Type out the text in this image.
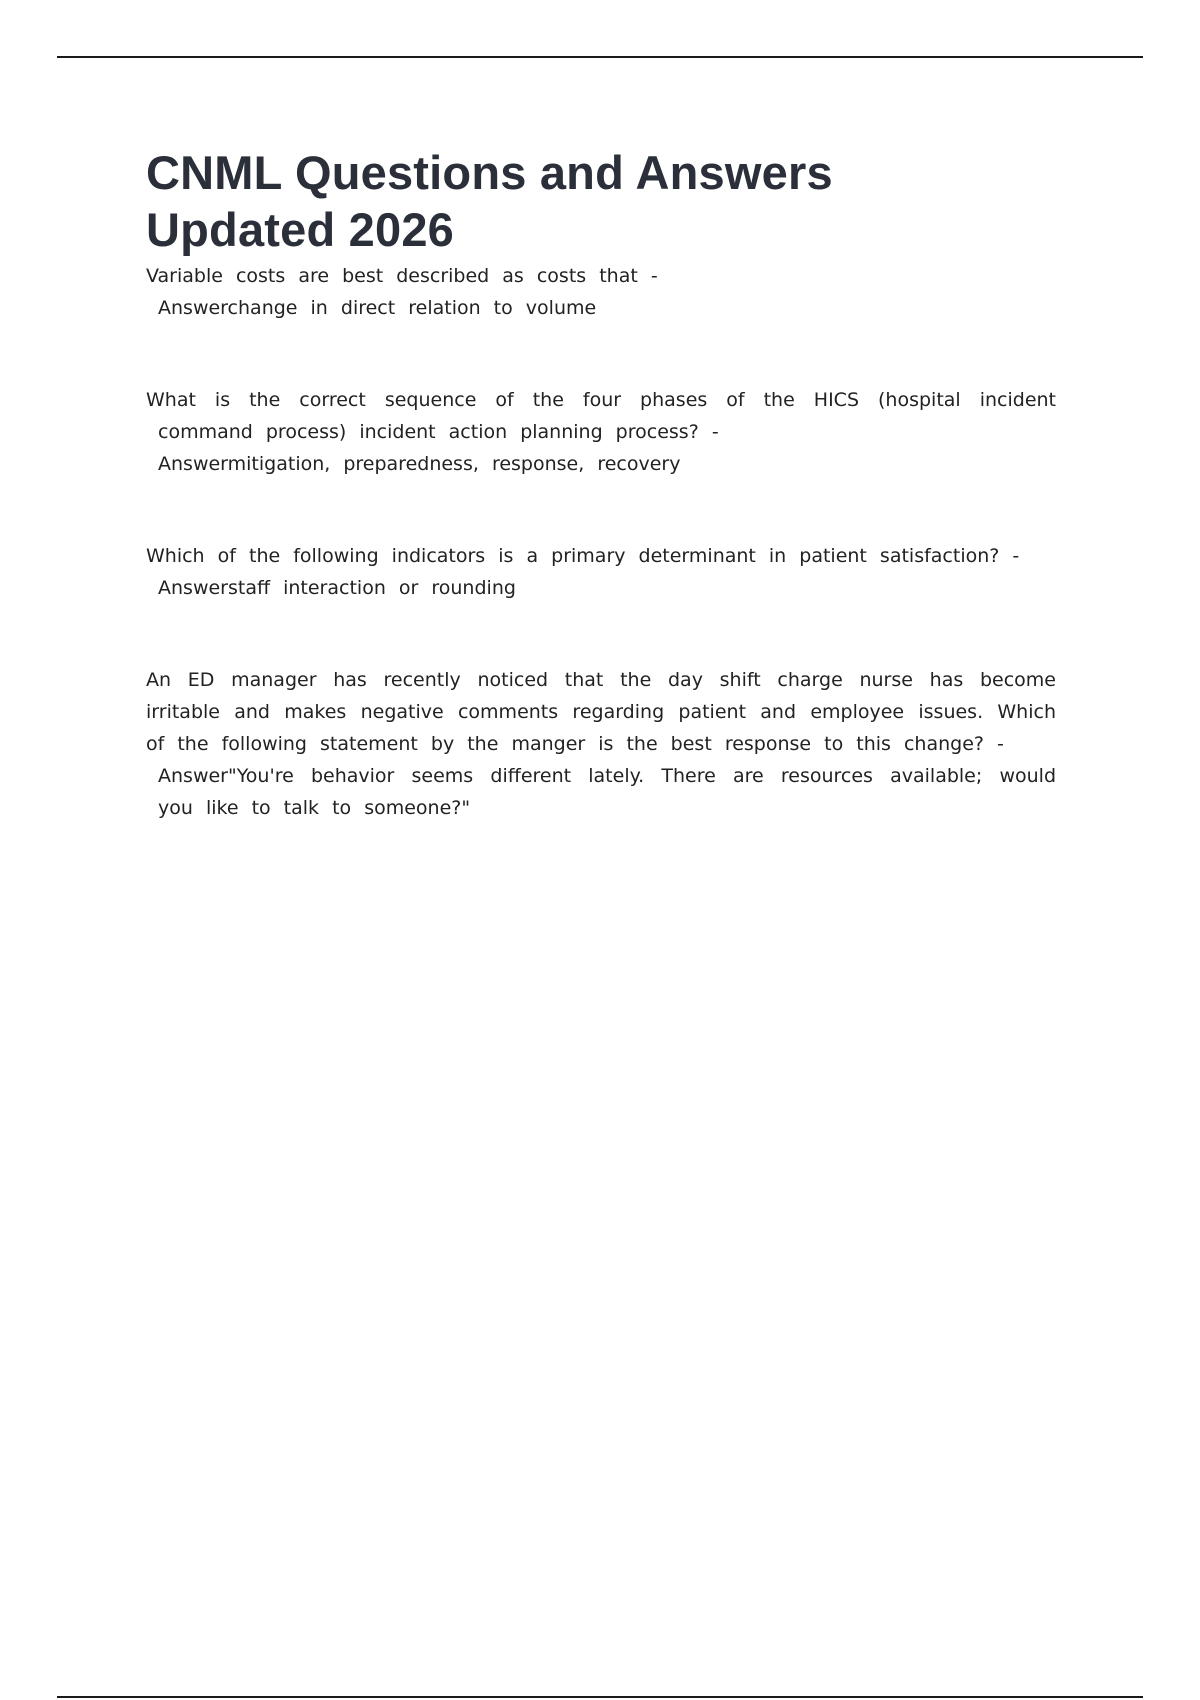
CNML Questions and Answers
Updated 2026
Variable costs are best described as costs that -
Answerchange in direct relation to volume
What is the correct sequence of the four phases of the HICS (hospital incident command process) incident action planning process? -
Answermitigation, preparedness, response, recovery
Which of the following indicators is a primary determinant in patient satisfaction? -
Answerstaff interaction or rounding
An ED manager has recently noticed that the day shift charge nurse has become irritable and makes negative comments regarding patient and employee issues. Which of the following statement by the manger is the best response to this change? -
Answer"You're behavior seems different lately. There are resources available; would you like to talk to someone?"
